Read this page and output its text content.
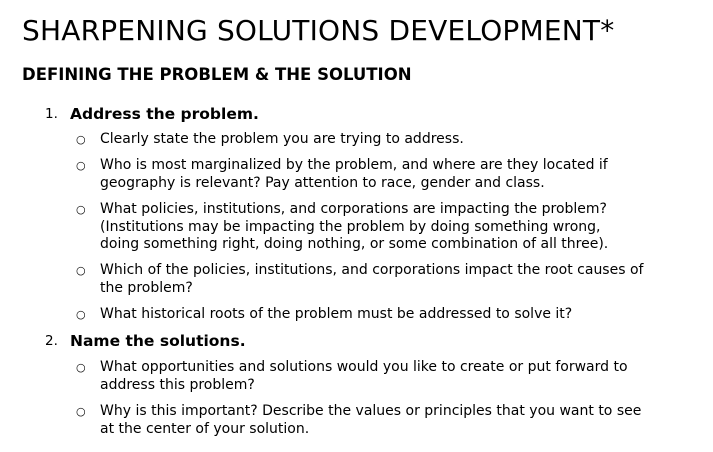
SHARPENING SOLUTIONS DEVELOPMENT*
DEFINING THE PROBLEM & THE SOLUTION
1. Address the problem.
○ Clearly state the problem you are trying to address.
○ Who is most marginalized by the problem, and where are they located if
geography is relevant? Pay attention to race, gender and class.
○ What policies, institutions, and corporations are impacting the problem?
(Institutions may be impacting the problem by doing something wrong,
doing something right, doing nothing, or some combination of all three).
○ Which of the policies, institutions, and corporations impact the root causes of
the problem?
○ What historical roots of the problem must be addressed to solve it?
2. Name the solutions.
○ What opportunities and solutions would you like to create or put forward to
address this problem?
○ Why is this important? Describe the values or principles that you want to see
at the center of your solution.
